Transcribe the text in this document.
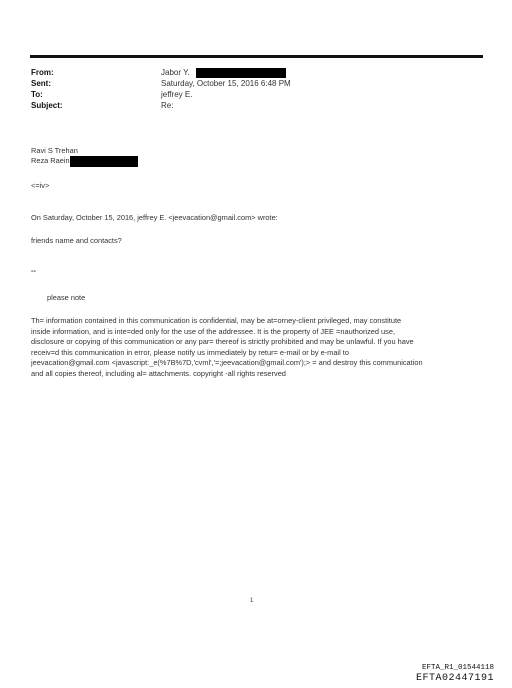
From:	Jabor Y.
Sent:	Saturday, October 15, 2016 6:48 PM
To:	jeffrey E.
Subject:	Re:
Ravi S Trehan
Reza Raein
<=iv>
On Saturday, October 15, 2016, jeffrey E. <jeevacation@gmail.com> wrote:
friends name and contacts?
--
please note
Th= information contained in this communication is confidential, may be at=orney-client privileged, may constitute
inside information, and is inte=ded only for the use of the addressee. It is the property of JEE =nauthorized use,
disclosure or copying of this communication or any par= thereof is strictly prohibited and may be unlawful. If you have
receiv=d this communication in error, please notify us immediately by retur= e-mail or by e-mail to
jeevacation@gmail.com <javascript:_e(%7B%7D,'cvml','=;jeevacation@gmail.com');> = and destroy this communication
and all copies thereof, including al= attachments. copyright -all rights reserved
1
EFTA_R1_01544118
EFTA02447191
